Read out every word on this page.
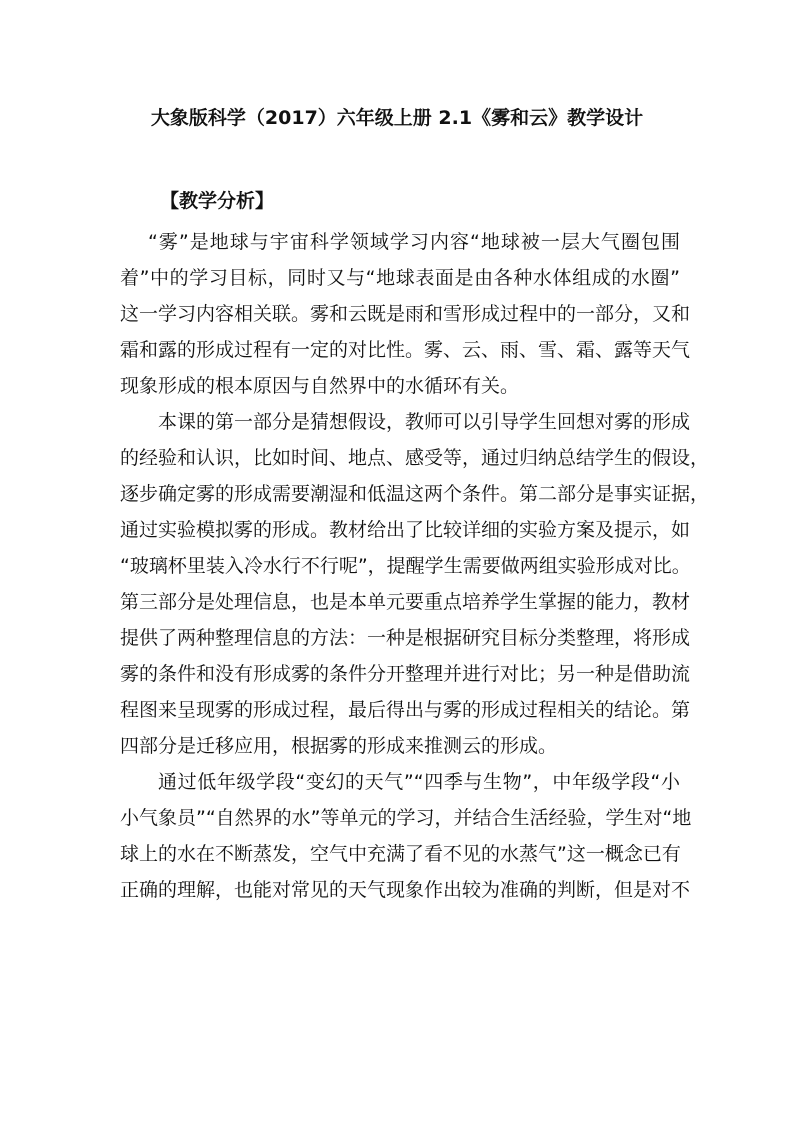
大象版科学（2017）六年级上册 2.1《雾和云》教学设计
【教学分析】
“雾”是地球与宇宙科学领域学习内容“地球被一层大气圈包围
着”中的学习目标，同时又与“地球表面是由各种水体组成的水圈”
这一学习内容相关联。雾和云既是雨和雪形成过程中的一部分，又和
霜和露的形成过程有一定的对比性。雾、云、雨、雪、霜、露等天气
现象形成的根本原因与自然界中的水循环有关。
本课的第一部分是猜想假设，教师可以引导学生回想对雾的形成
的经验和认识，比如时间、地点、感受等，通过归纳总结学生的假设，
逐步确定雾的形成需要潮湿和低温这两个条件。第二部分是事实证据，
通过实验模拟雾的形成。教材给出了比较详细的实验方案及提示，如
“玻璃杯里装入冷水行不行呢”，提醒学生需要做两组实验形成对比。
第三部分是处理信息，也是本单元要重点培养学生掌握的能力，教材
提供了两种整理信息的方法：一种是根据研究目标分类整理，将形成
雾的条件和没有形成雾的条件分开整理并进行对比；另一种是借助流
程图来呈现雾的形成过程，最后得出与雾的形成过程相关的结论。第
四部分是迁移应用，根据雾的形成来推测云的形成。
通过低年级学段“变幻的天气”“四季与生物”，中年级学段“小
小气象员”“自然界的水”等单元的学习，并结合生活经验，学生对“地
球上的水在不断蒸发，空气中充满了看不见的水蒸气”这一概念已有
正确的理解，也能对常见的天气现象作出较为准确的判断，但是对不
